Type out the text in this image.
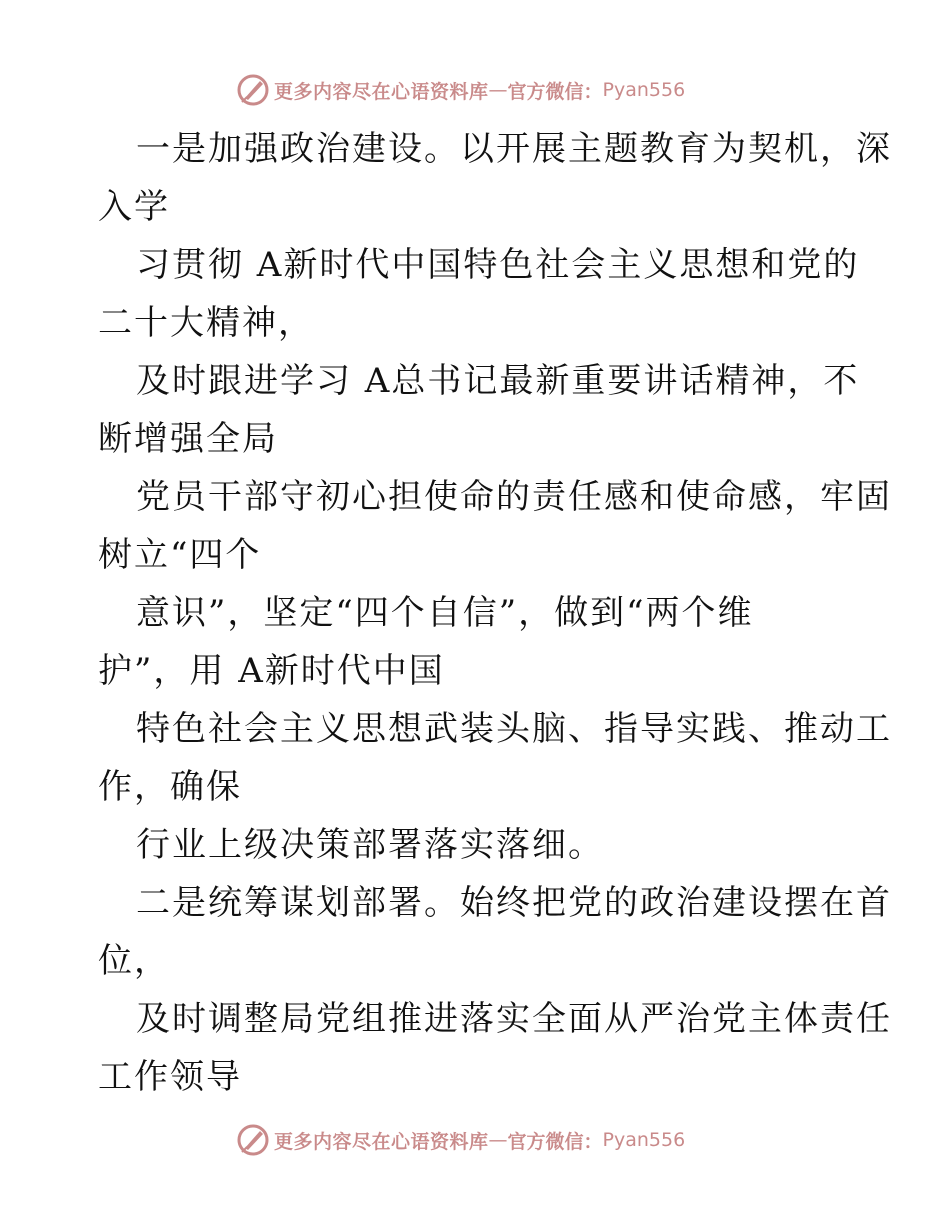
更多内容尽在心语资料库 — 官方微信： Pyan556
一是加强政治建设。以开展主题教育为契机，深
入学
习贯彻 A新时代中国特色社会主义思想和党的
二十大精神，
及时跟进学习 A总书记最新重要讲话精神，不
断增强全局
党员干部守初心担使命的责任感和使命感，牢固
树立“四个
意识”，坚定“四个自信”，做到“两个维
护”，用 A新时代中国
特色社会主义思想武装头脑、指导实践、推动工
作，确保
行业上级决策部署落实落细。
二是统筹谋划部署。始终把党的政治建设摆在首
位，
及时调整局党组推进落实全面从严治党主体责任
工作领导
更多内容尽在心语资料库 — 官方微信： Pyan556
